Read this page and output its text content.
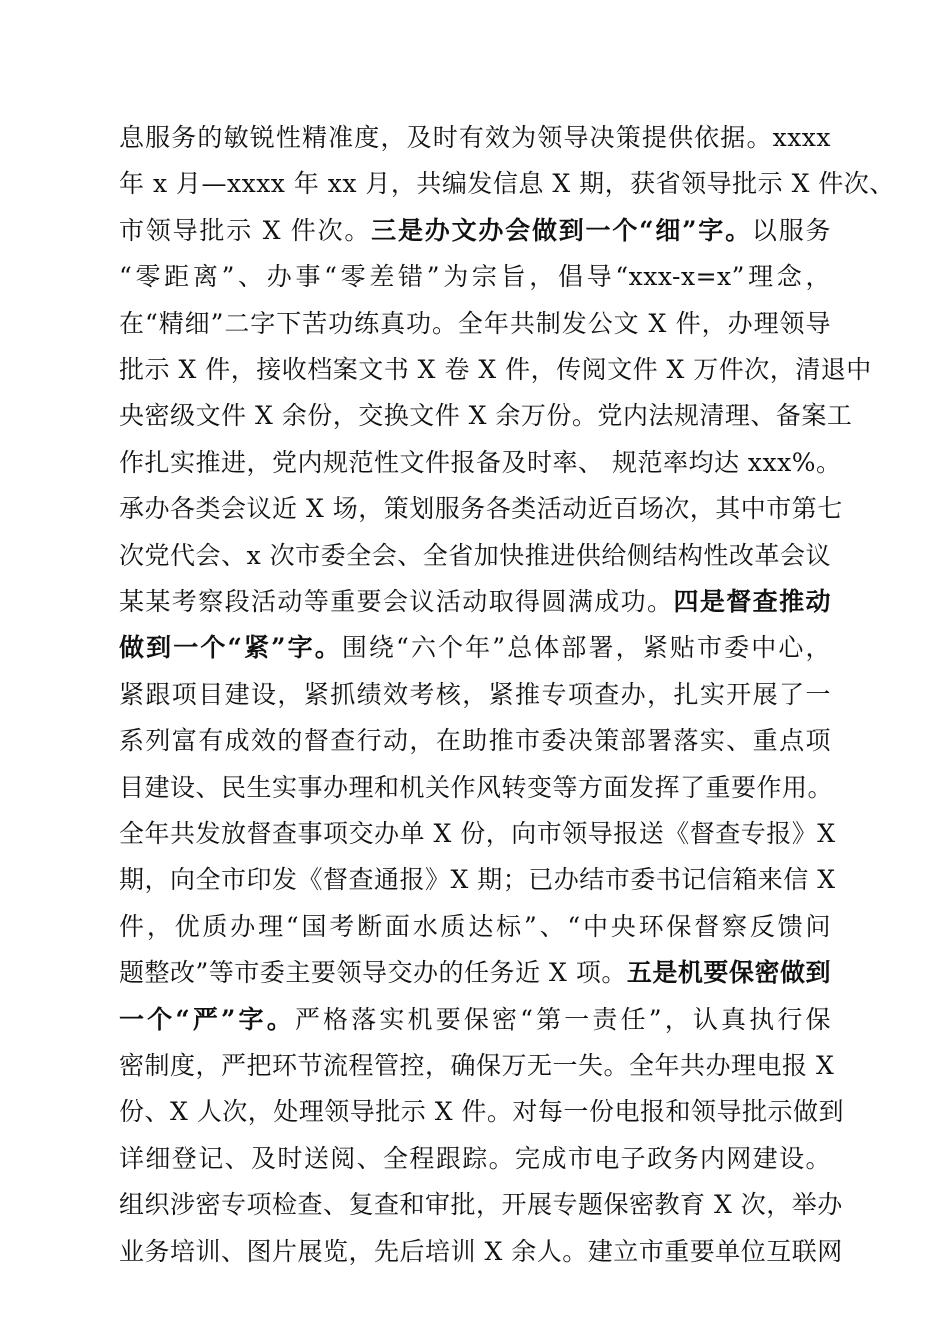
息服务的敏锐性精准度，及时有效为领导决策提供依据。xxxx
年 x 月—xxxx 年 xx 月，共编发信息 X 期，获省领导批示 X 件次、
市领导批示 X 件次。三是办文办会做到一个“细”字。以服务
“零距离”、办事“零差错”为宗旨，倡导“xxx-x=x”理念，
在“精细”二字下苦功练真功。全年共制发公文 X 件，办理领导
批示 X 件，接收档案文书 X 卷 X 件，传阅文件 X 万件次，清退中
央密级文件 X 余份，交换文件 X 余万份。党内法规清理、备案工
作扎实推进，党内规范性文件报备及时率、 规范率均达 xxx%。
承办各类会议近 X 场，策划服务各类活动近百场次，其中市第七
次党代会、x 次市委全会、全省加快推进供给侧结构性改革会议
某某考察段活动等重要会议活动取得圆满成功。四是督查推动
做到一个“紧”字。围绕“六个年”总体部署，紧贴市委中心，
紧跟项目建设，紧抓绩效考核，紧推专项查办，扎实开展了一
系列富有成效的督查行动，在助推市委决策部署落实、重点项
目建设、民生实事办理和机关作风转变等方面发挥了重要作用。
全年共发放督查事项交办单 X 份，向市领导报送《督查专报》X
期，向全市印发《督查通报》X 期；已办结市委书记信箱来信 X
件，优质办理“国考断面水质达标”、“中央环保督察反馈问
题整改”等市委主要领导交办的任务近 X 项。五是机要保密做到
一个“严”字。严格落实机要保密“第一责任”，认真执行保
密制度，严把环节流程管控，确保万无一失。全年共办理电报 X
份、X 人次，处理领导批示 X 件。对每一份电报和领导批示做到
详细登记、及时送阅、全程跟踪。完成市电子政务内网建设。
组织涉密专项检查、复查和审批，开展专题保密教育 X 次，举办
业务培训、图片展览，先后培训 X 余人。建立市重要单位互联网
